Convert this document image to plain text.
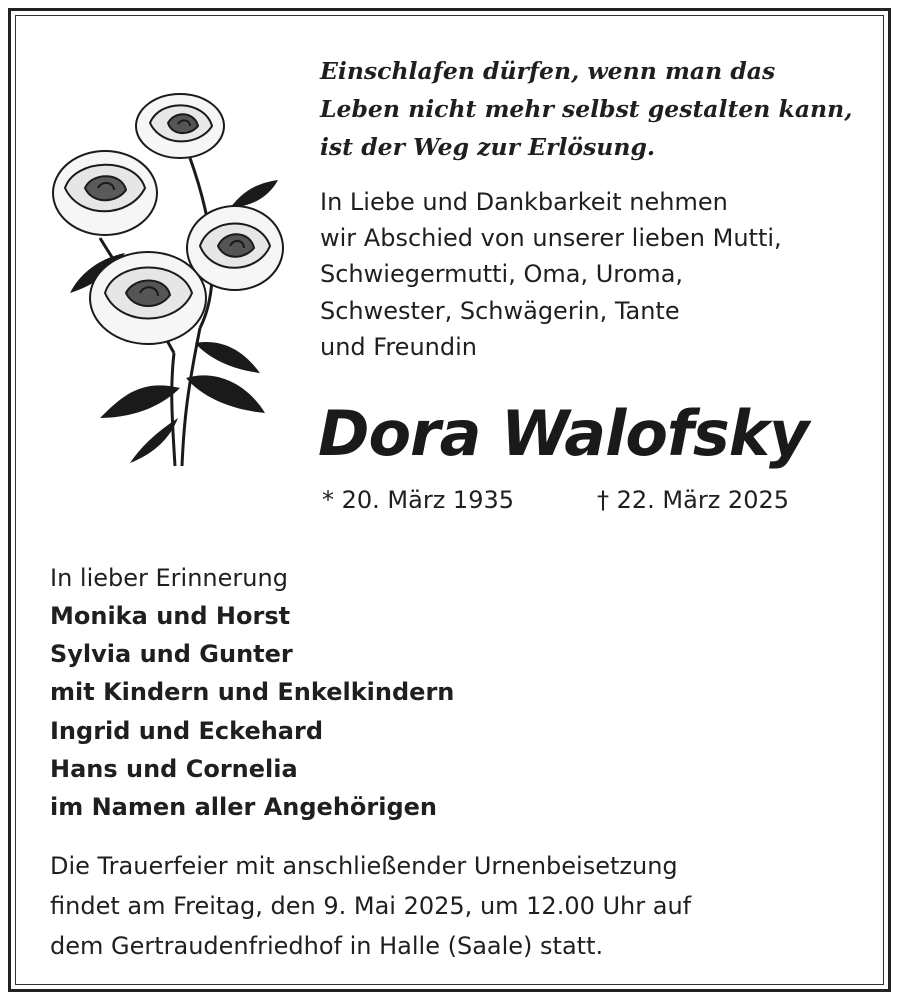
Einschlafen dürfen, wenn man das
Leben nicht mehr selbst gestalten kann,
ist der Weg zur Erlösung.
In Liebe und Dankbarkeit nehmen
wir Abschied von unserer lieben Mutti,
Schwiegermutti, Oma, Uroma,
Schwester, Schwägerin, Tante
und Freundin
Dora Walofsky
* 20. März 1935	† 22. März 2025
In lieber Erinnerung
Monika und Horst
Sylvia und Gunter
mit Kindern und Enkelkindern
Ingrid und Eckehard
Hans und Cornelia
im Namen aller Angehörigen
Die Trauerfeier mit anschließender Urnenbeisetzung
findet am Freitag, den 9. Mai 2025, um 12.00 Uhr auf
dem Gertraudenfriedhof in Halle (Saale) statt.
